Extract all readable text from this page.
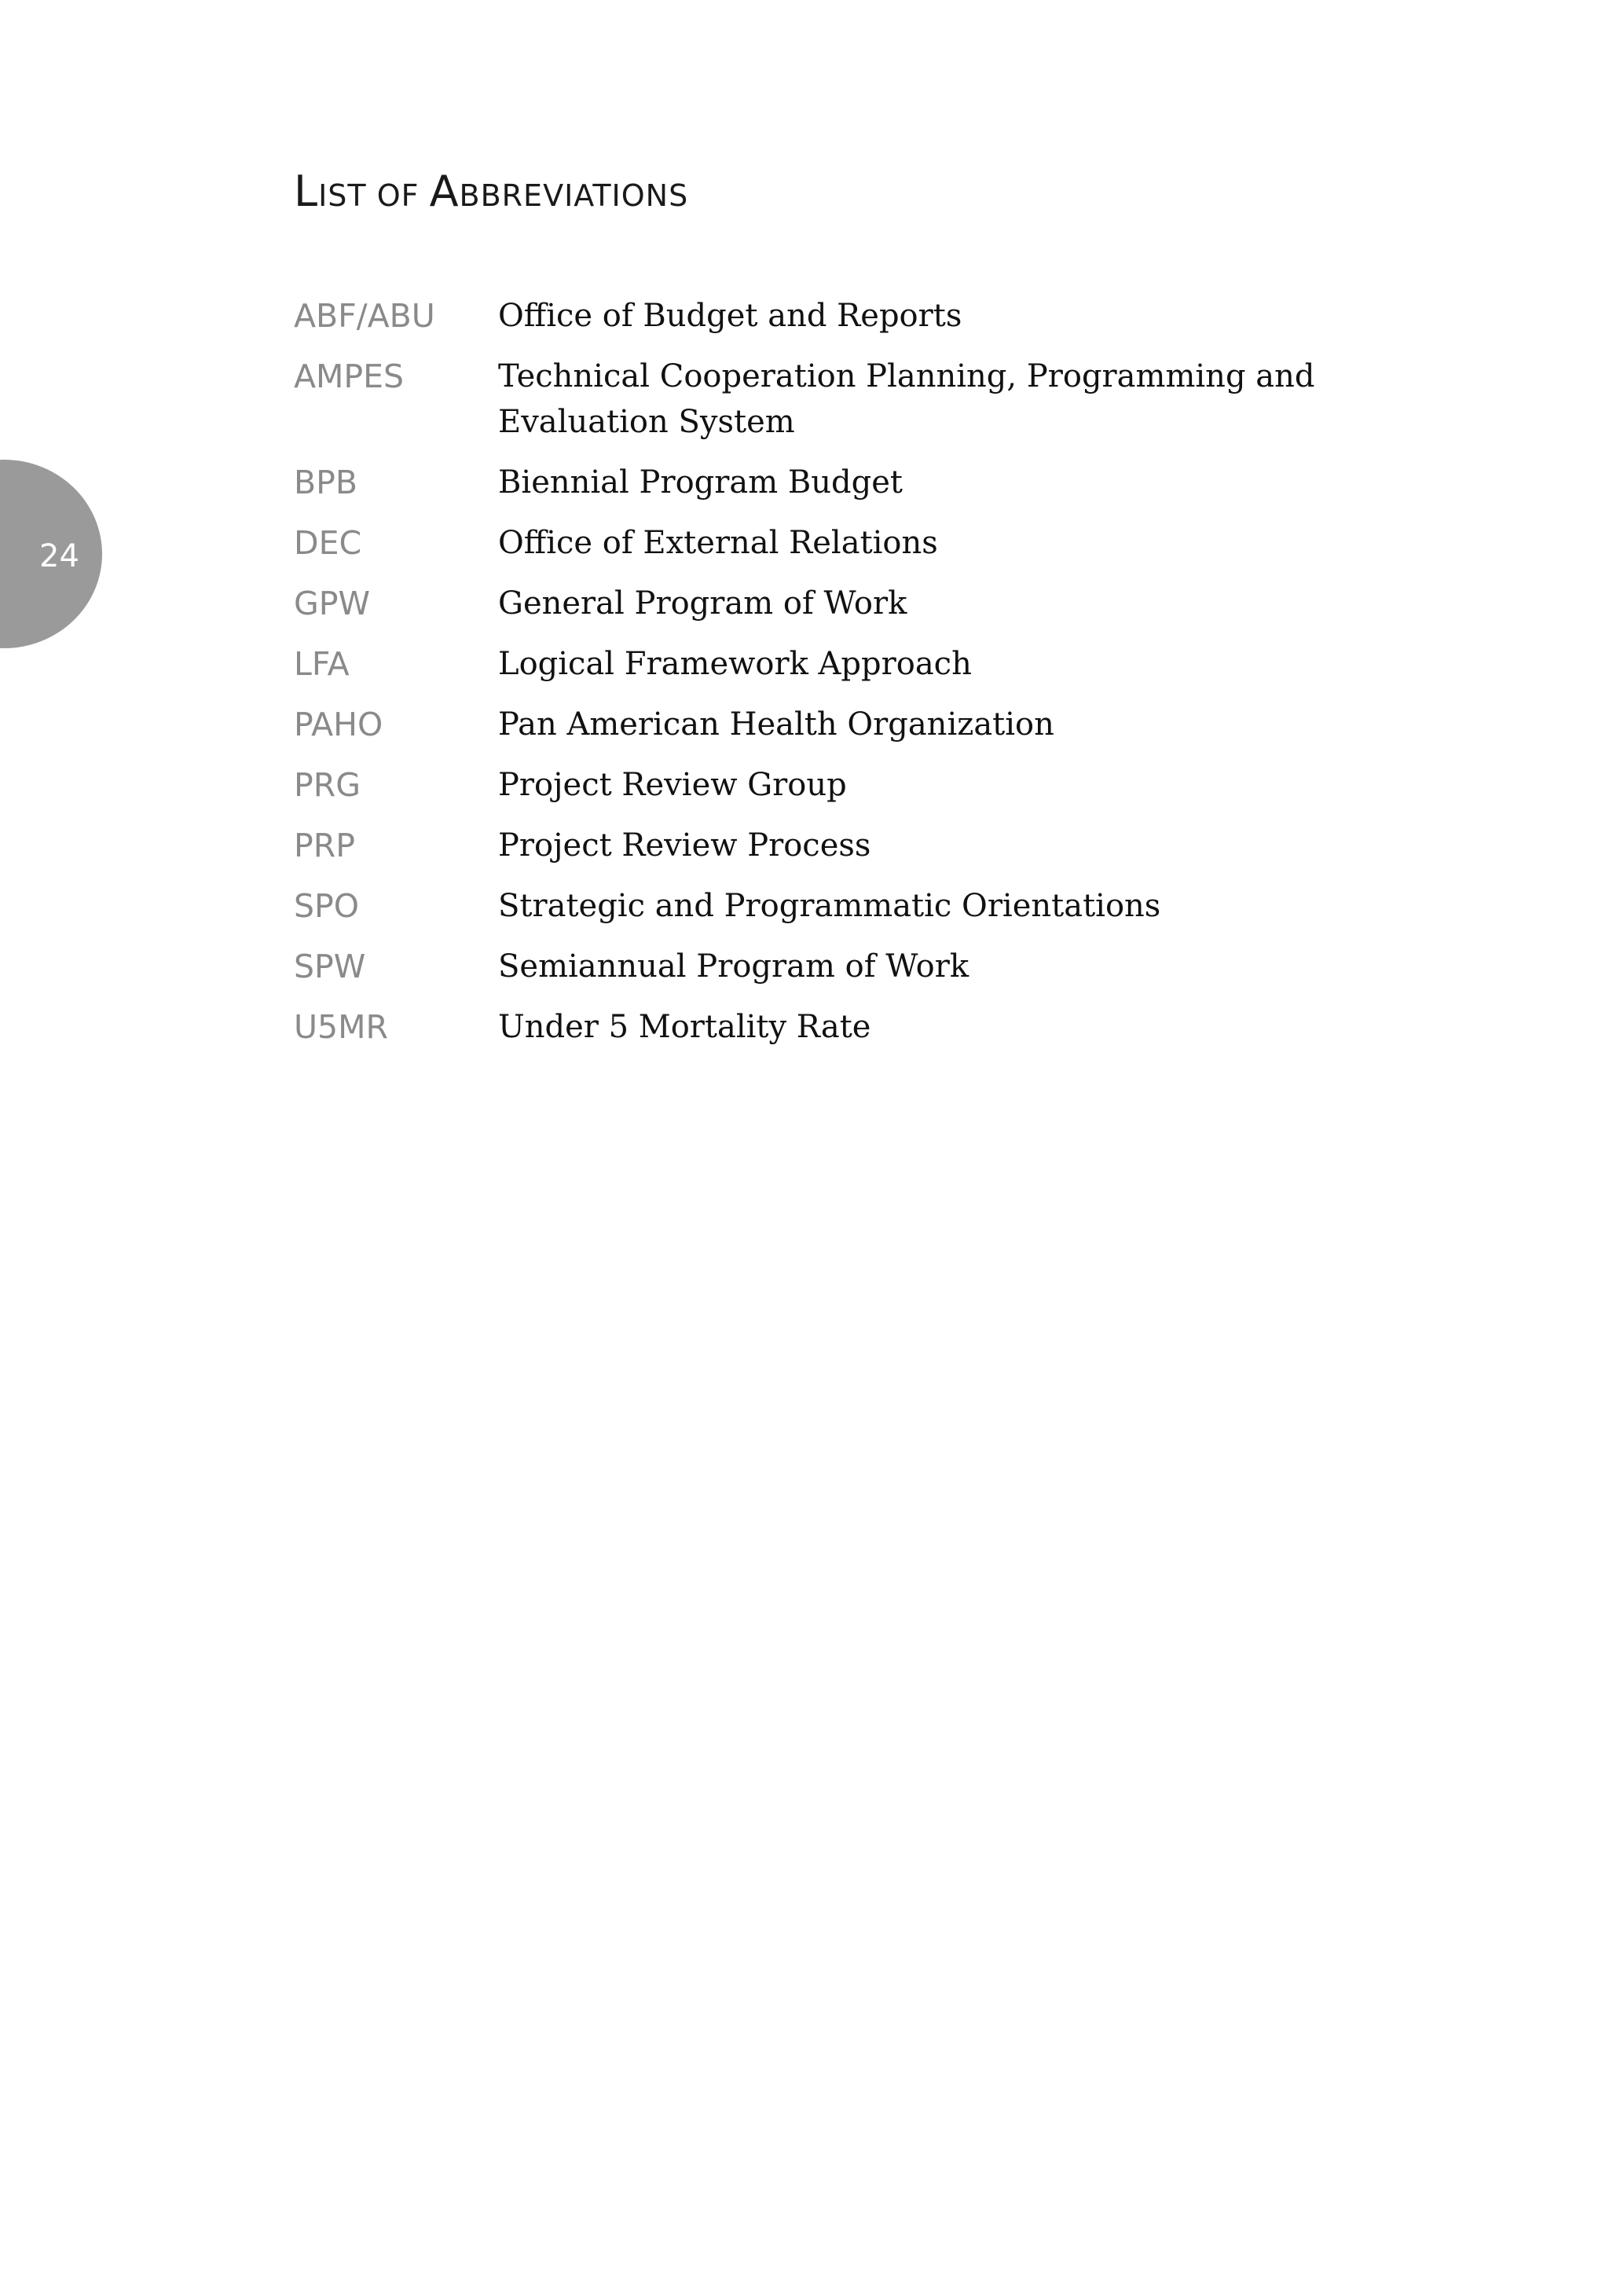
24
LIST OF ABBREVIATIONS
ABF/ABU	Office of Budget and Reports
AMPES	Technical Cooperation Planning, Programming and Evaluation System
BPB	Biennial Program Budget
DEC	Office of External Relations
GPW	General Program of Work
LFA	Logical Framework Approach
PAHO	Pan American Health Organization
PRG	Project Review Group
PRP	Project Review Process
SPO	Strategic and Programmatic Orientations
SPW	Semiannual Program of Work
U5MR	Under 5 Mortality Rate
